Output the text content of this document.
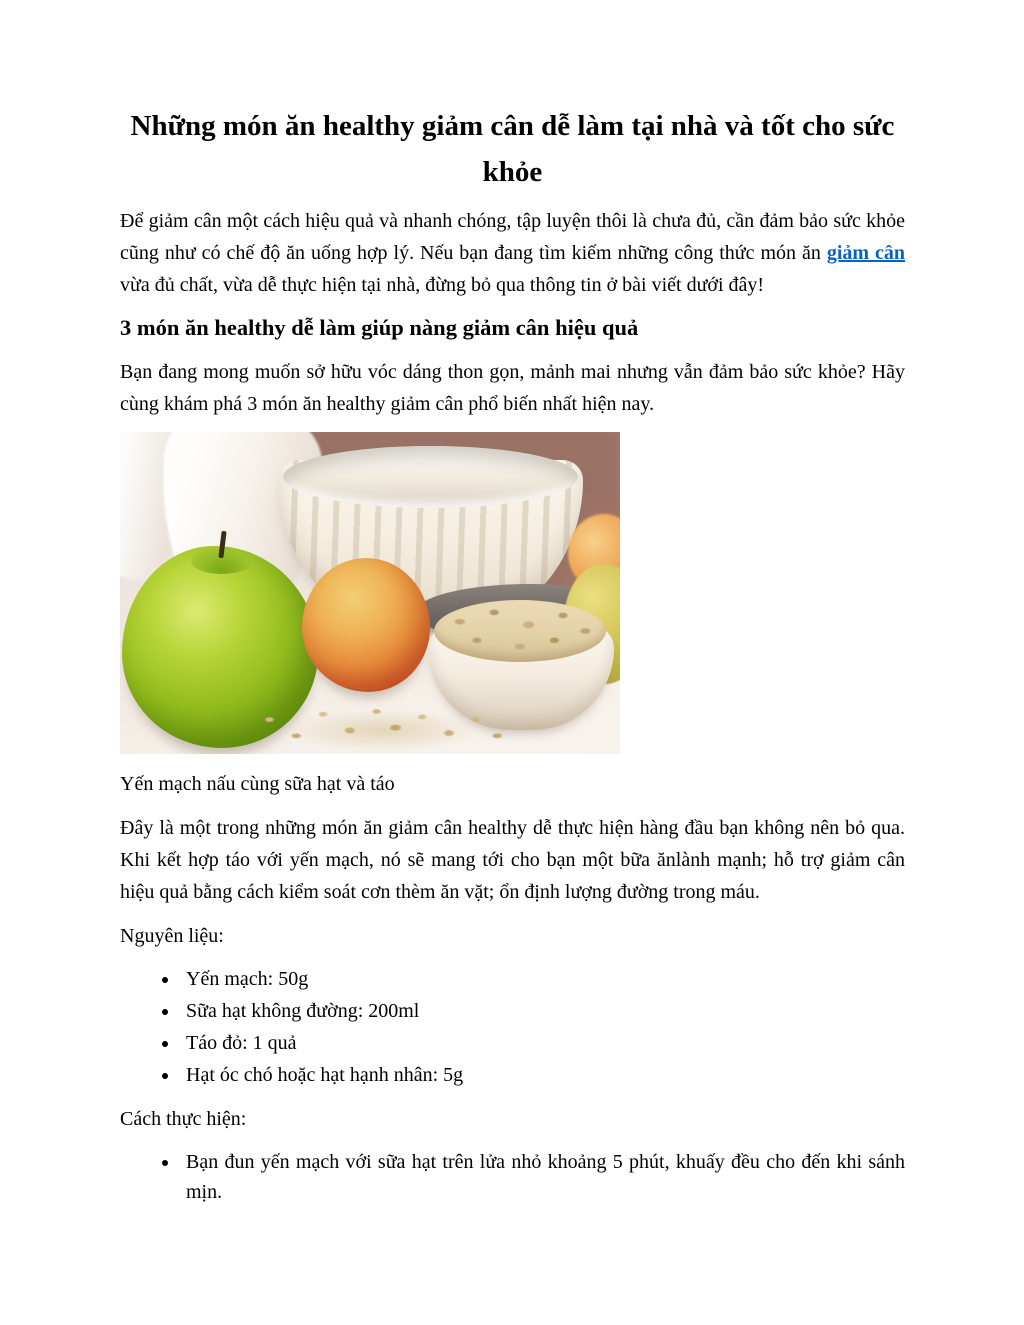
Những món ăn healthy giảm cân dễ làm tại nhà và tốt cho sức khỏe

Để giảm cân một cách hiệu quả và nhanh chóng, tập luyện thôi là chưa đủ, cần đảm bảo sức khỏe cũng như có chế độ ăn uống hợp lý. Nếu bạn đang tìm kiếm những công thức món ăn giảm cân vừa đủ chất, vừa dễ thực hiện tại nhà, đừng bỏ qua thông tin ở bài viết dưới đây!

3 món ăn healthy dễ làm giúp nàng giảm cân hiệu quả

Bạn đang mong muốn sở hữu vóc dáng thon gọn, mảnh mai nhưng vẫn đảm bảo sức khỏe? Hãy cùng khám phá 3 món ăn healthy giảm cân phổ biến nhất hiện nay.

Yến mạch nấu cùng sữa hạt và táo

Đây là một trong những món ăn giảm cân healthy dễ thực hiện hàng đầu bạn không nên bỏ qua. Khi kết hợp táo với yến mạch, nó sẽ mang tới cho bạn một bữa ănlành mạnh; hỗ trợ giảm cân hiệu quả bằng cách kiểm soát cơn thèm ăn vặt; ổn định lượng đường trong máu.

Nguyên liệu:

• Yến mạch: 50g
• Sữa hạt không đường: 200ml
• Táo đỏ: 1 quả
• Hạt óc chó hoặc hạt hạnh nhân: 5g

Cách thực hiện:

• Bạn đun yến mạch với sữa hạt trên lửa nhỏ khoảng 5 phút, khuấy đều cho đến khi sánh mịn.
